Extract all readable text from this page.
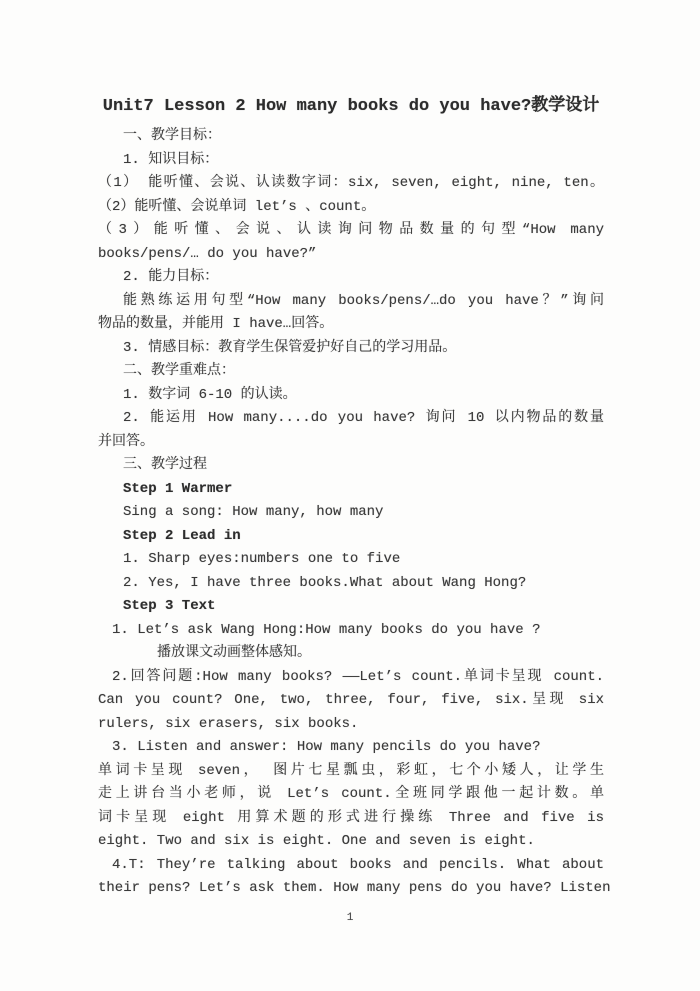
Unit7 Lesson 2 How many books do you have?教学设计

一、教学目标：

1. 知识目标：

（1） 能听懂、会说、认读数字词：six, seven, eight, nine, ten。

（2）能听懂、会说单词 let’s 、count。

（3）能听懂、会说、认读询问物品数量的句型“How many

books/pens/… do you have?”

2. 能力目标：

能熟练运用句型“How many books/pens/…do you have？”询问

物品的数量，并能用 I have…回答。

3. 情感目标：教育学生保管爱护好自己的学习用品。

二、教学重难点：

1. 数字词 6-10 的认读。

2. 能运用 How many....do you have? 询问 10 以内物品的数量

并回答。

三、教学过程

Step 1 Warmer

Sing a song: How many, how many

Step 2 Lead in

1. Sharp eyes:numbers one to five

2. Yes, I have three books.What about Wang Hong?

Step 3 Text

1. Let’s ask Wang Hong:How many books do you have ?

播放课文动画整体感知。

2.回答问题:How many books? ——Let’s count.单词卡呈现 count.

Can you count? One, two, three, four, five, six.呈现 six

rulers, six erasers, six books.

3. Listen and answer: How many pencils do you have?

单词卡呈现 seven， 图片七星瓢虫，彩虹，七个小矮人，让学生

走上讲台当小老师，说 Let’s count.全班同学跟他一起计数。单

词卡呈现 eight 用算术题的形式进行操练 Three and five is

eight. Two and six is eight. One and seven is eight.

4.T: They’re talking about books and pencils. What about

their pens? Let’s ask them. How many pens do you have? Listen

1
